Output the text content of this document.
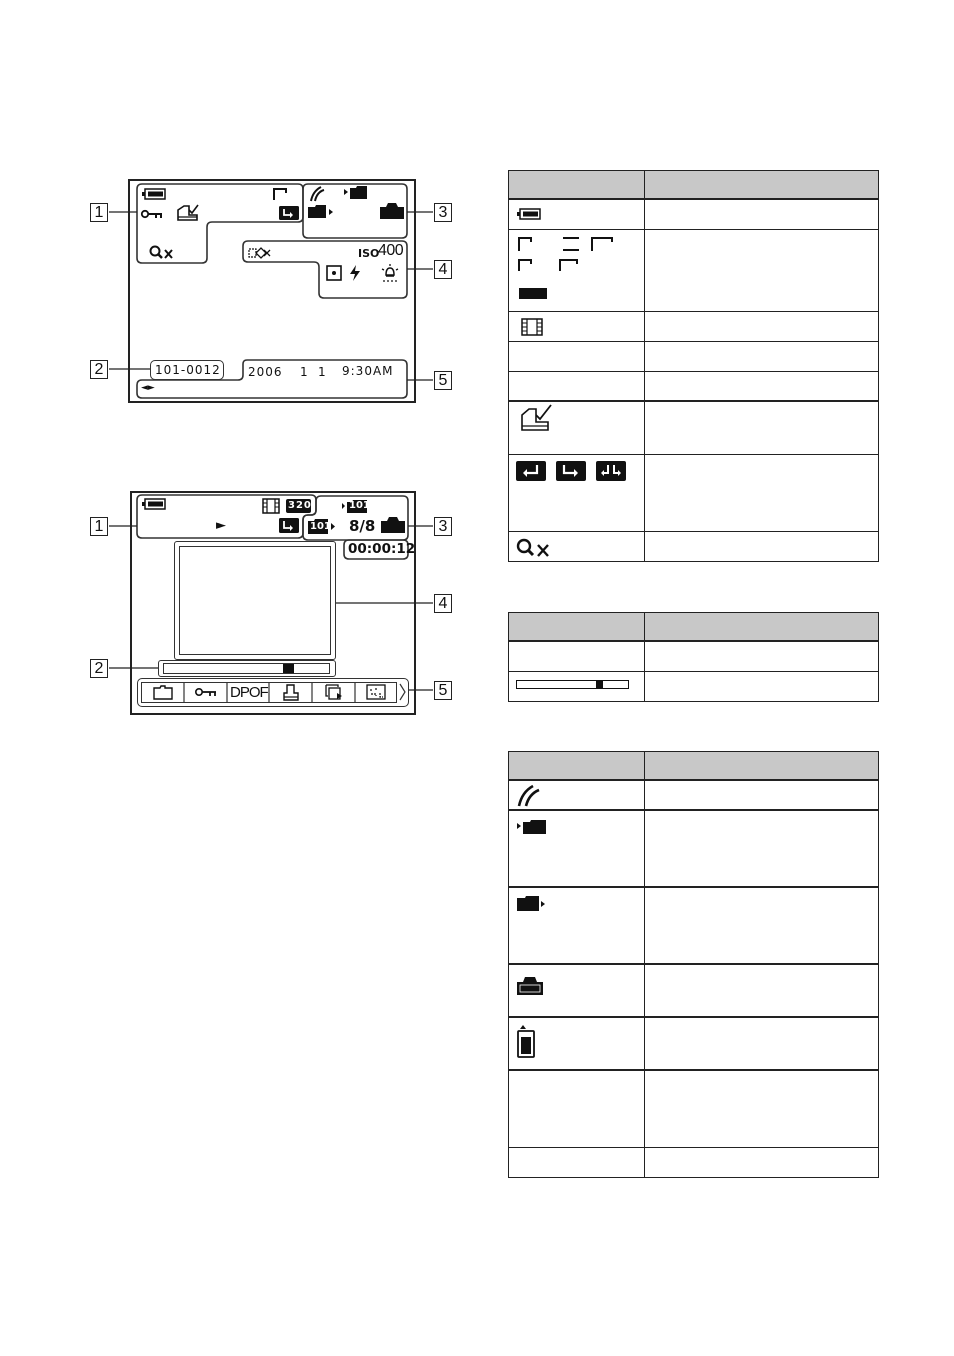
1
2
3
4
5
ISO
400
101-0012 2006 1 1 9:30AM
◄►
1
2
3
4
5
320
►
101
101 8/8
00:00:12
DPOF
